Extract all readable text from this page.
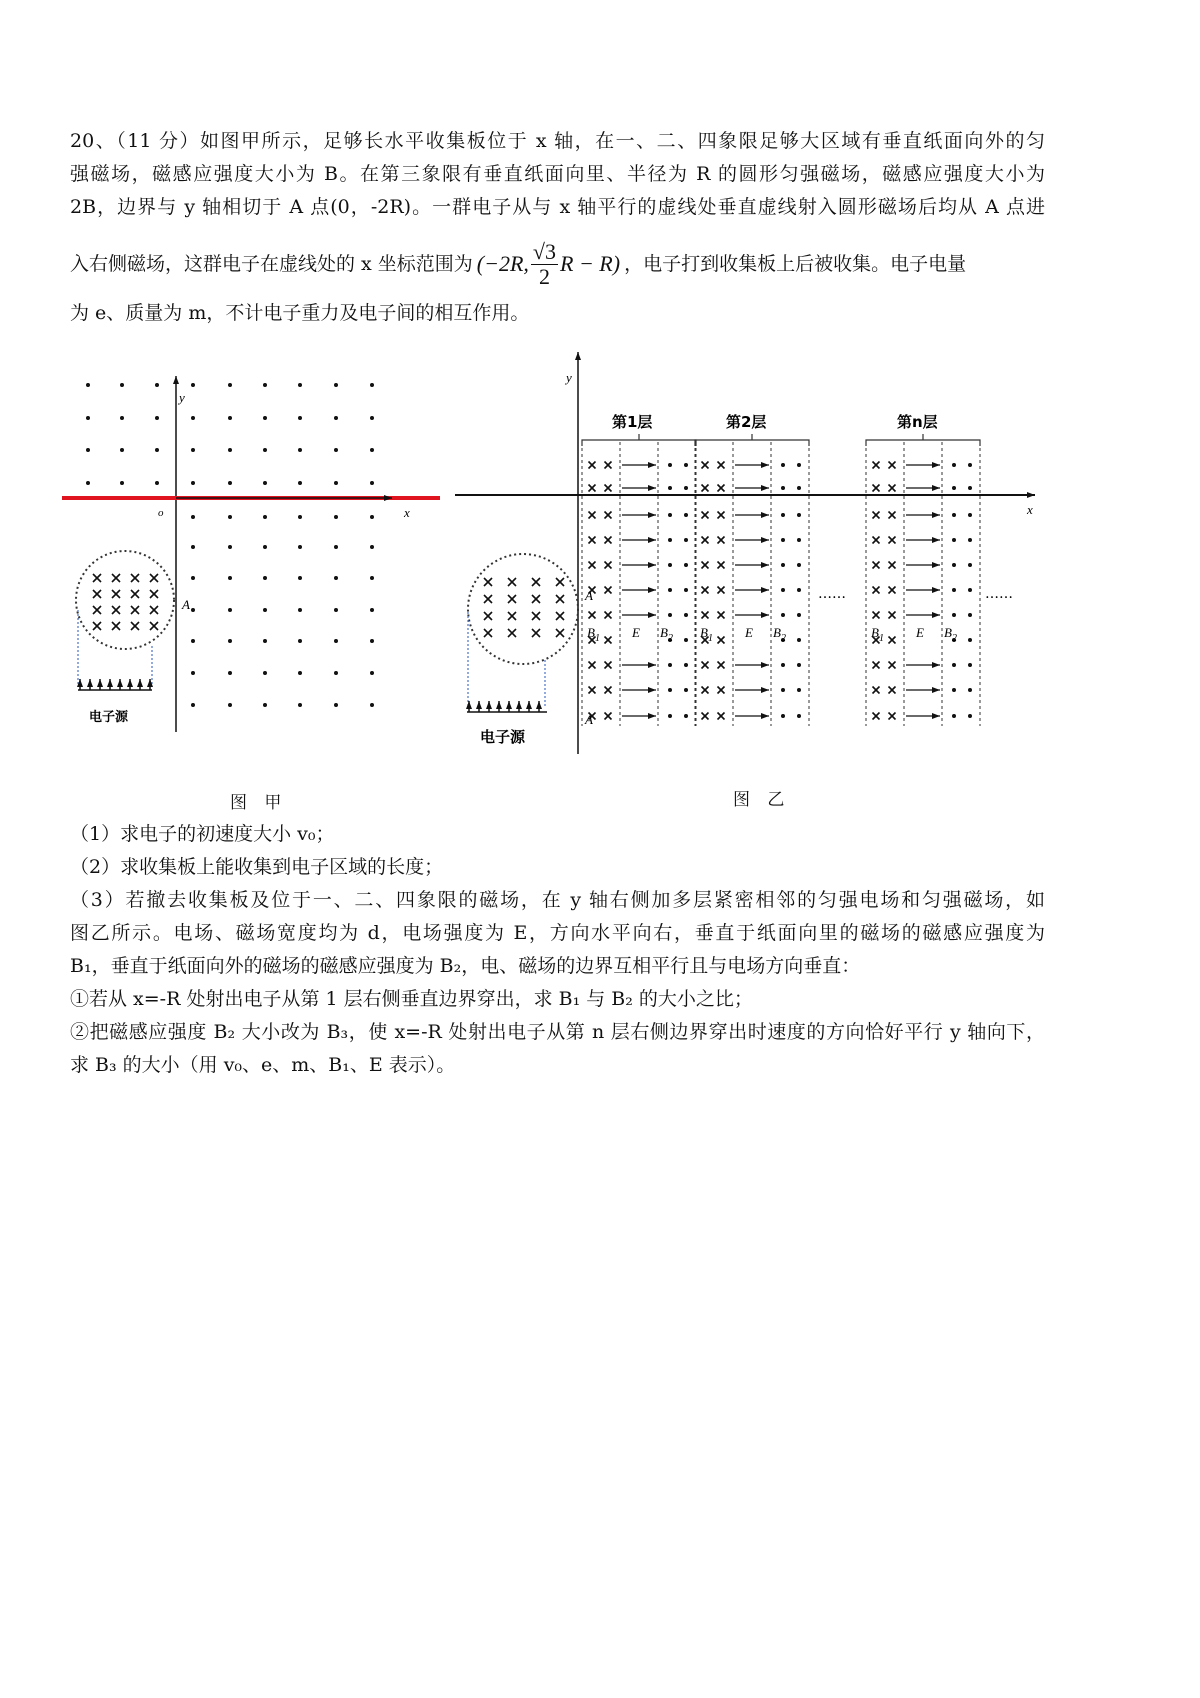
20、（11 分）如图甲所示，足够长水平收集板位于 x 轴，在一、二、四象限足够大区域有垂直纸面向外的匀
强磁场，磁感应强度大小为 B。在第三象限有垂直纸面向里、半径为 R 的圆形匀强磁场，磁感应强度大小为
2B，边界与 y 轴相切于 A 点(0，-2R)。一群电子从与 x 轴平行的虚线处垂直虚线射入圆形磁场后均从 A 点进
入右侧磁场，这群电子在虚线处的 x 坐标范围为 (−2R, $\frac{√3}{2}$ R − R) ，电子打到收集板上后被收集。电子电量
为 e、质量为 m，不计电子重力及电子间的相互作用。
y
x
o
A
电子源
y
x
A
A
电子源
第1层	第2层	第n层
……	……
$B_1$ E $B_2$ $B_1$ E $B_2$	$B_1$ E $B_2$
图 甲	图 乙
（1）求电子的初速度大小 v₀；
（2）求收集板上能收集到电子区域的长度；
（3）若撤去收集板及位于一、二、四象限的磁场，在 y 轴右侧加多层紧密相邻的匀强电场和匀强磁场，如
图乙所示。电场、磁场宽度均为 d，电场强度为 E，方向水平向右，垂直于纸面向里的磁场的磁感应强度为
B₁，垂直于纸面向外的磁场的磁感应强度为 B₂，电、磁场的边界互相平行且与电场方向垂直：
①若从 x=-R 处射出电子从第 1 层右侧垂直边界穿出，求 B₁ 与 B₂ 的大小之比；
②把磁感应强度 B₂ 大小改为 B₃，使 x=-R 处射出电子从第 n 层右侧边界穿出时速度的方向恰好平行 y 轴向下，
求 B₃ 的大小（用 v₀、e、m、B₁、E 表示）。
